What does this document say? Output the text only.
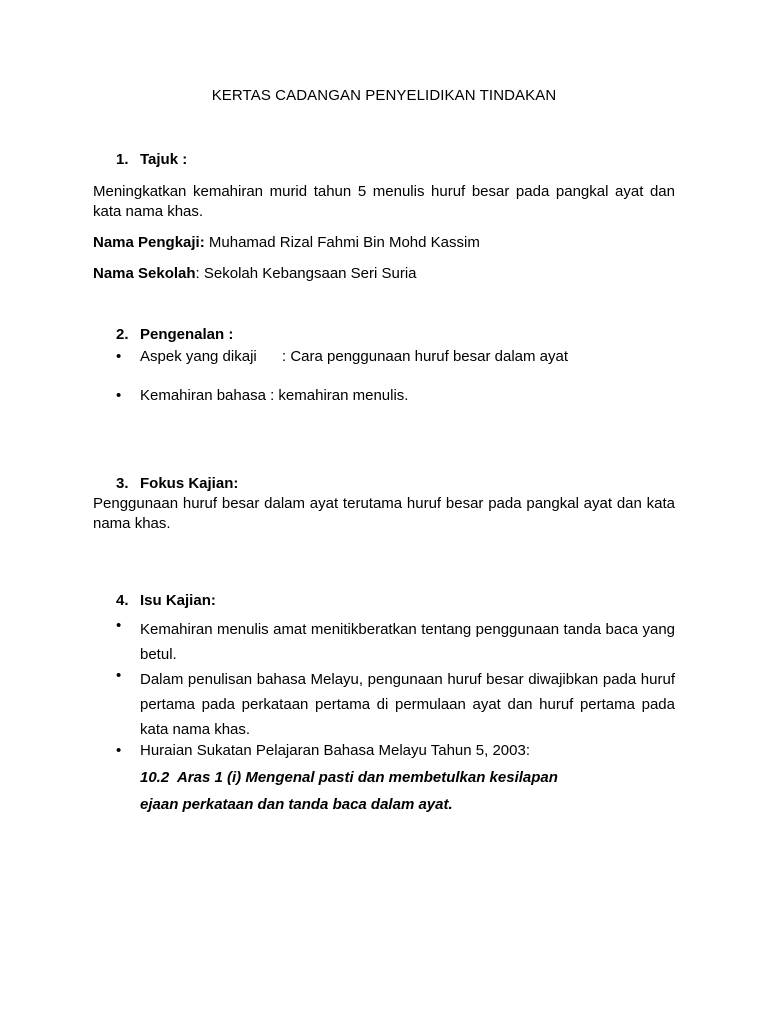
KERTAS CADANGAN PENYELIDIKAN TINDAKAN
1. Tajuk :
Meningkatkan kemahiran murid tahun 5 menulis huruf besar pada pangkal ayat dan kata nama khas.
Nama Pengkaji: Muhamad Rizal Fahmi Bin Mohd Kassim
Nama Sekolah: Sekolah Kebangsaan Seri Suria
2. Pengenalan :
• Aspek yang dikaji : Cara penggunaan huruf besar dalam ayat
• Kemahiran bahasa : kemahiran menulis.
3. Fokus Kajian:
Penggunaan huruf besar dalam ayat terutama huruf besar pada pangkal ayat dan kata nama khas.
4. Isu Kajian:
• Kemahiran menulis amat menitikberatkan tentang penggunaan tanda baca yang betul.
• Dalam penulisan bahasa Melayu, pengunaan huruf besar diwajibkan pada huruf pertama pada perkataan pertama di permulaan ayat dan huruf pertama pada kata nama khas.
• Huraian Sukatan Pelajaran Bahasa Melayu Tahun 5, 2003:
10.2  Aras 1 (i) Mengenal pasti dan membetulkan kesilapan
ejaan perkataan dan tanda baca dalam ayat.
